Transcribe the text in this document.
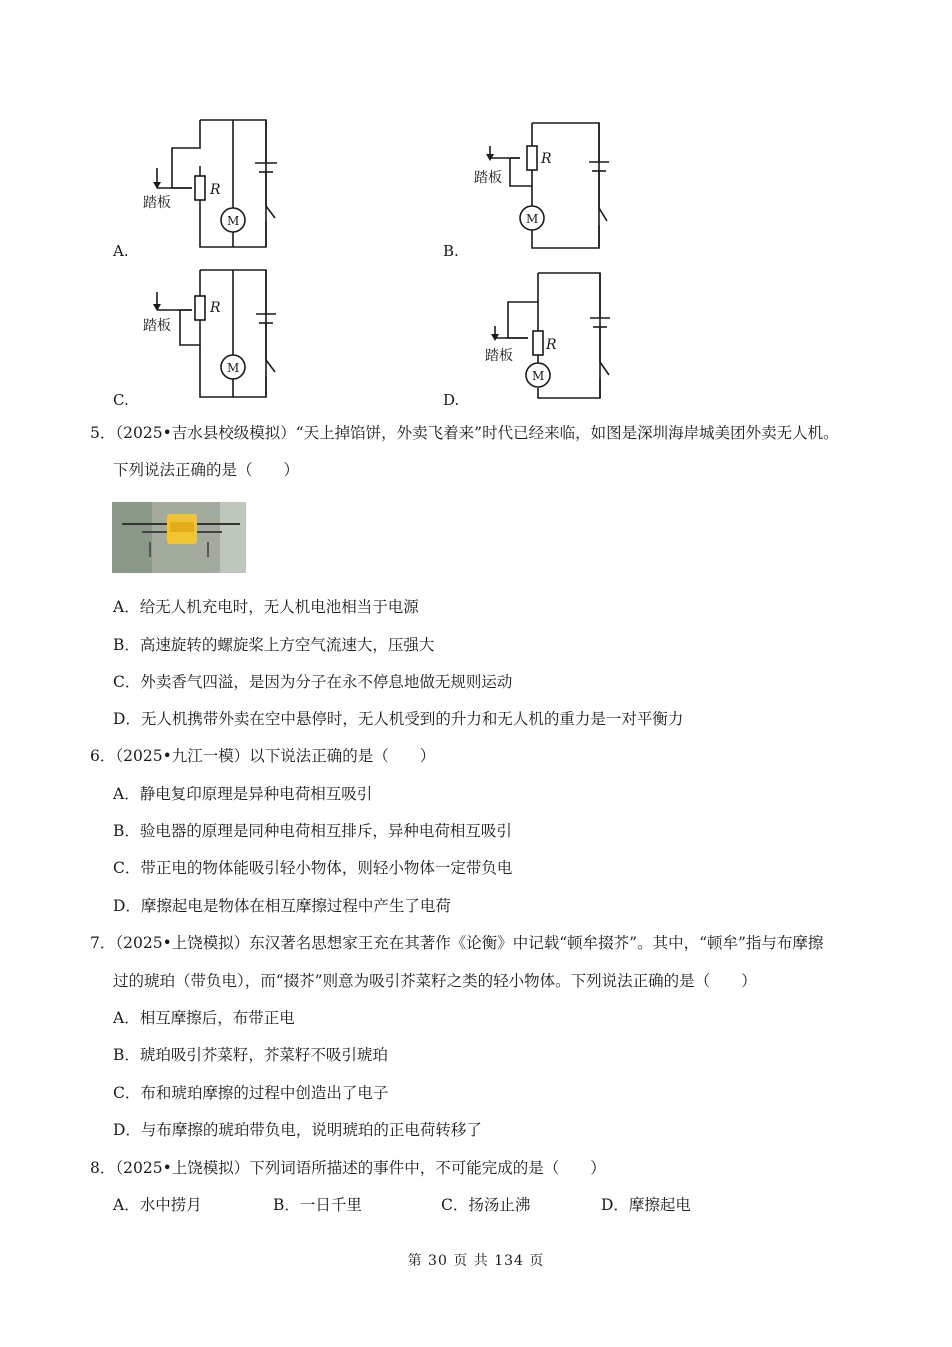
踏板
R
M
踏板
R
M
踏板
R
M
踏板
R
M
A.	B.
C.	D.
5．（2025•吉水县校级模拟）“天上掉馅饼，外卖飞着来”时代已经来临，如图是深圳海岸城美团外卖无人机。
下列说法正确的是（　　）
A．给无人机充电时，无人机电池相当于电源
B．高速旋转的螺旋桨上方空气流速大，压强大
C．外卖香气四溢，是因为分子在永不停息地做无规则运动
D．无人机携带外卖在空中悬停时，无人机受到的升力和无人机的重力是一对平衡力
6．（2025•九江一模）以下说法正确的是（　　）
A．静电复印原理是异种电荷相互吸引
B．验电器的原理是同种电荷相互排斥，异种电荷相互吸引
C．带正电的物体能吸引轻小物体，则轻小物体一定带负电
D．摩擦起电是物体在相互摩擦过程中产生了电荷
7．（2025•上饶模拟）东汉著名思想家王充在其著作《论衡》中记载“顿牟掇芥”。其中，“顿牟”指与布摩擦
过的琥珀（带负电），而“掇芥”则意为吸引芥菜籽之类的轻小物体。下列说法正确的是（　　）
A．相互摩擦后，布带正电
B．琥珀吸引芥菜籽，芥菜籽不吸引琥珀
C．布和琥珀摩擦的过程中创造出了电子
D．与布摩擦的琥珀带负电，说明琥珀的正电荷转移了
8．（2025•上饶模拟）下列词语所描述的事件中，不可能完成的是（　　）
A．水中捞月	B．一日千里	C．扬汤止沸	D．摩擦起电
第 30 页 共 134 页
